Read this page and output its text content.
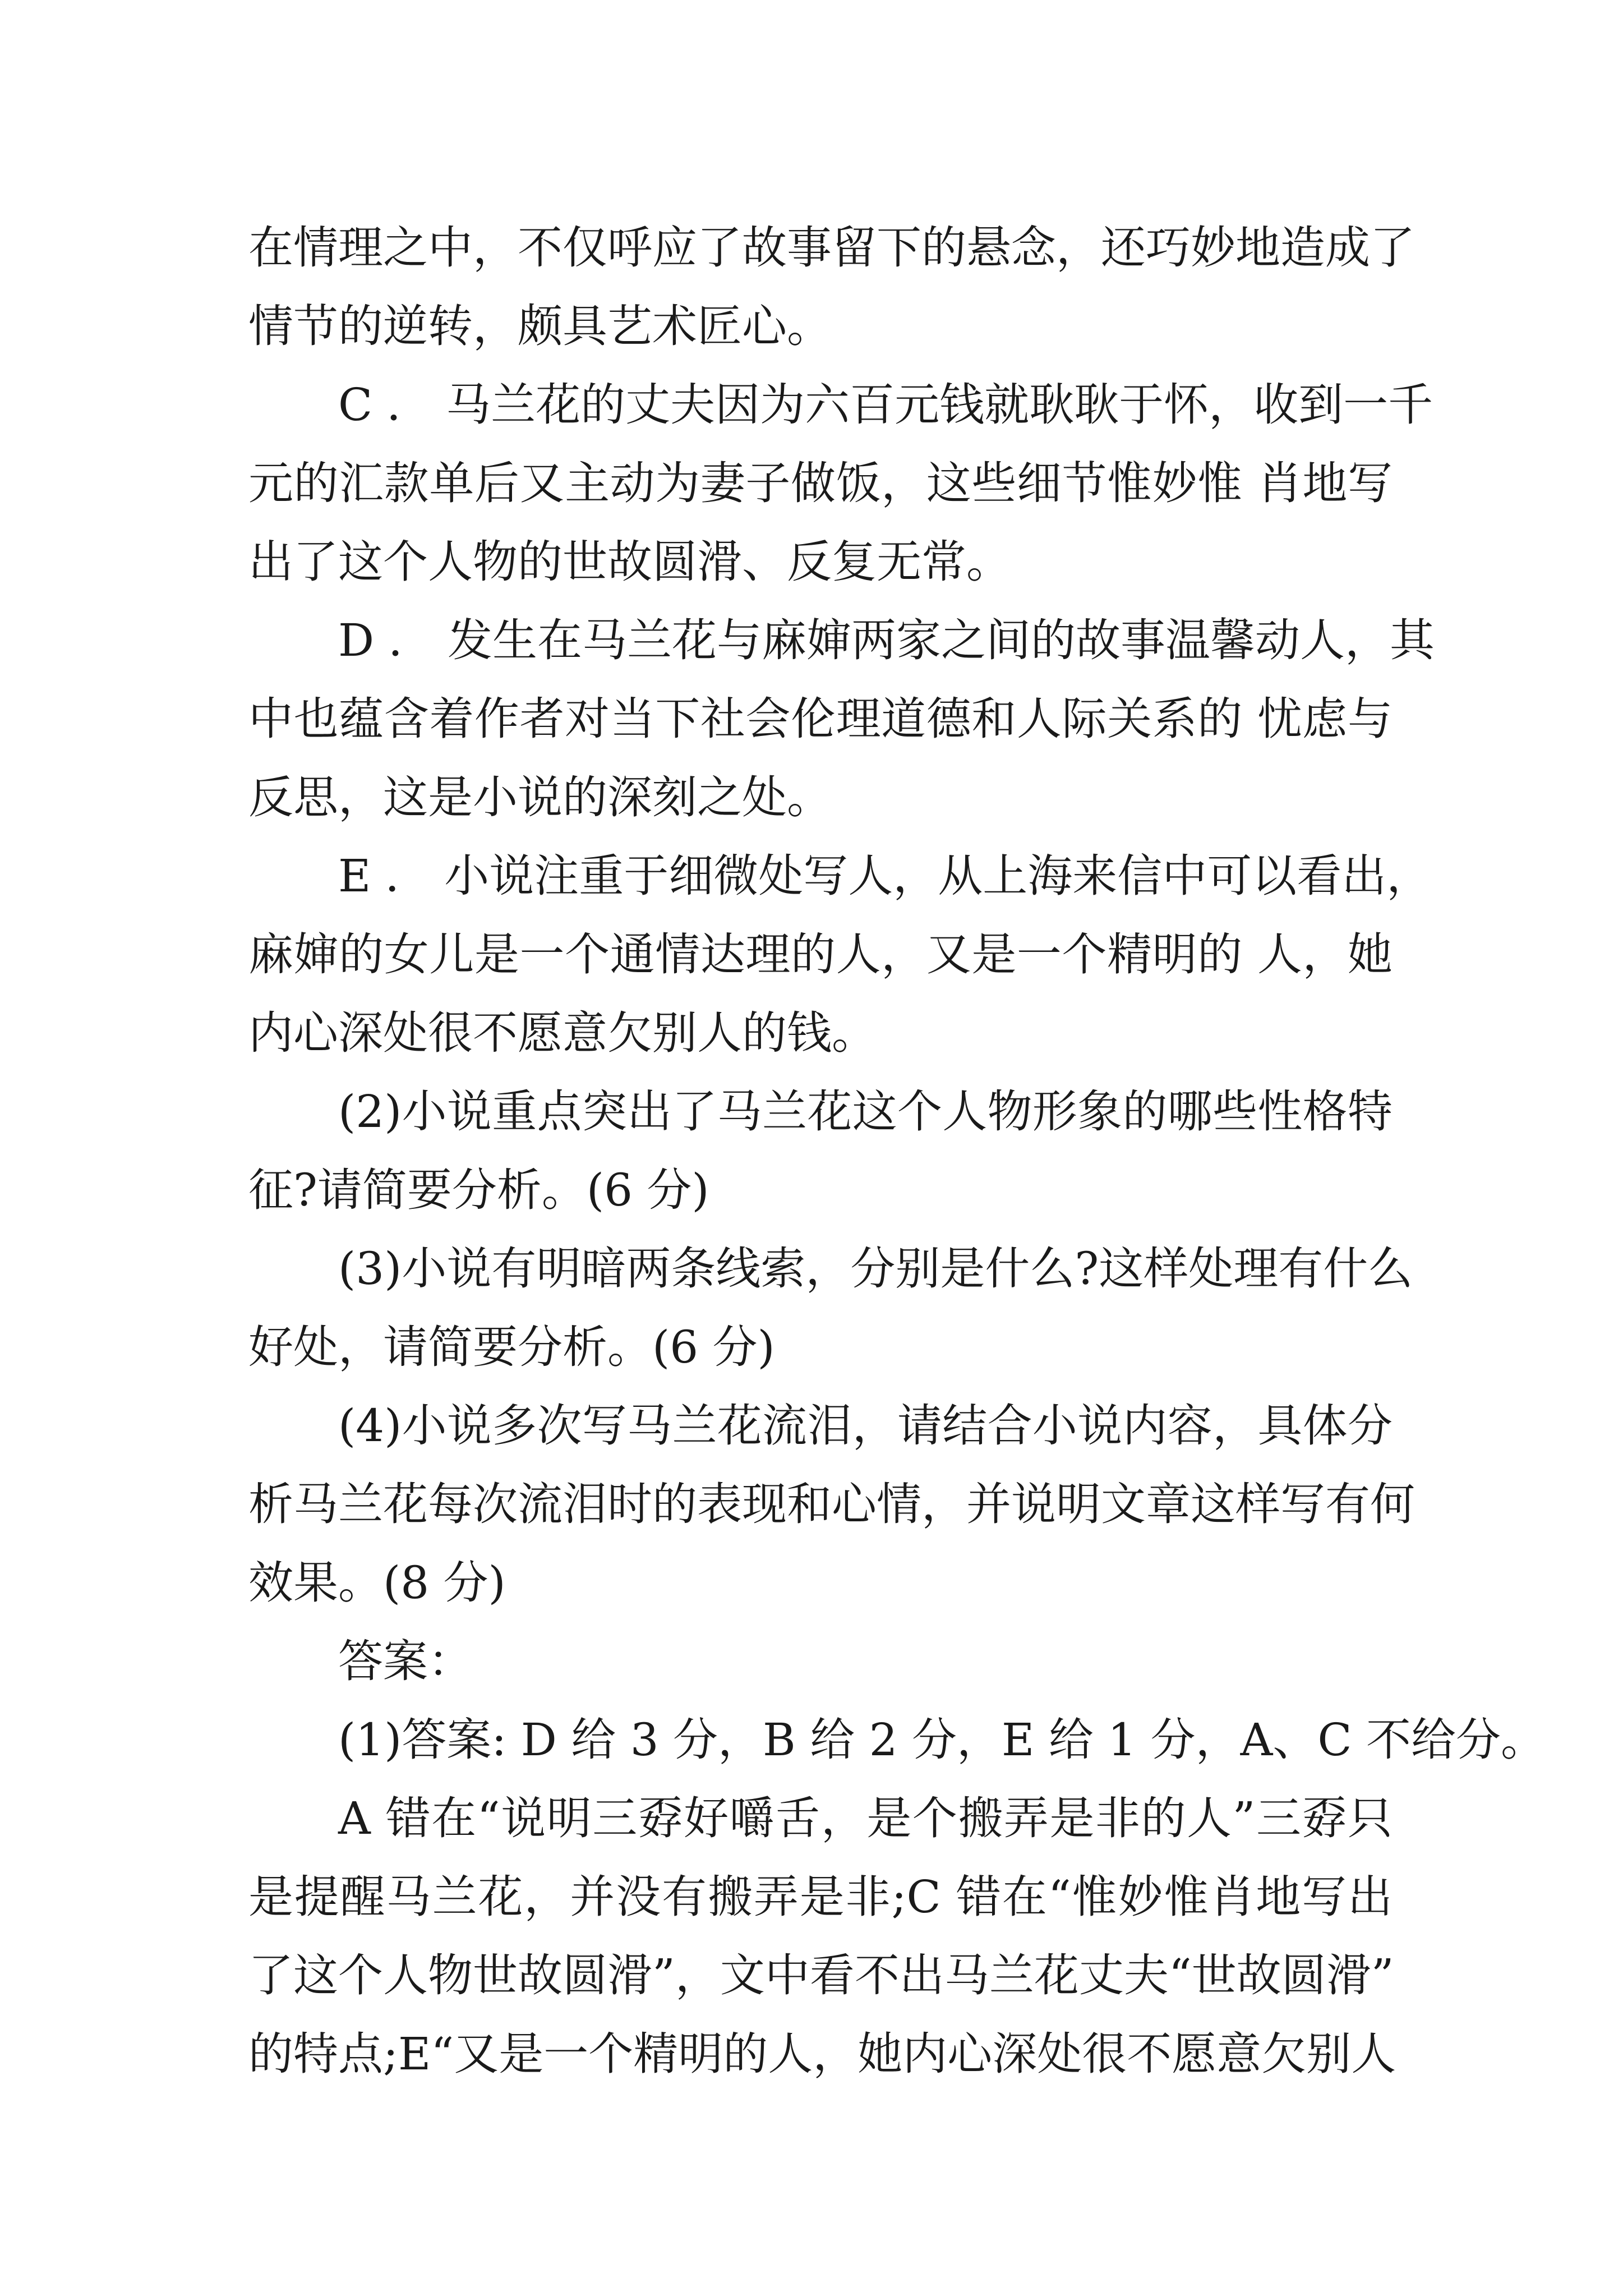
在情理之中，不仅呼应了故事留下的悬念，还巧妙地造成了
情节的逆转，颇具艺术匠心。
C ． 马兰花的丈夫因为六百元钱就耿耿于怀，收到一千
元的汇款单后又主动为妻子做饭，这些细节惟妙惟 肖地写
出了这个人物的世故圆滑、反复无常。
D ． 发生在马兰花与麻婶两家之间的故事温馨动人，其
中也蕴含着作者对当下社会伦理道德和人际关系的 忧虑与
反思，这是小说的深刻之处。
E ． 小说注重于细微处写人，从上海来信中可以看出，
麻婶的女儿是一个通情达理的人，又是一个精明的 人，她
内心深处很不愿意欠别人的钱。
(2)小说重点突出了马兰花这个人物形象的哪些性格特
征?请简要分析。(6 分)
(3)小说有明暗两条线索，分别是什么?这样处理有什么
好处，请简要分析。(6 分)
(4)小说多次写马兰花流泪，请结合小说内容，具体分
析马兰花每次流泪时的表现和心情，并说明文章这样写有何
效果。(8 分)
答案：
(1)答案: D 给 3 分，B 给 2 分，E 给 1 分，A、C 不给分。
A 错在“说明三孬好嚼舌，是个搬弄是非的人”三孬只
是提醒马兰花，并没有搬弄是非;C 错在“惟妙惟肖地写出
了这个人物世故圆滑”，文中看不出马兰花丈夫“世故圆滑”
的特点;E“又是一个精明的人，她内心深处很不愿意欠别人
